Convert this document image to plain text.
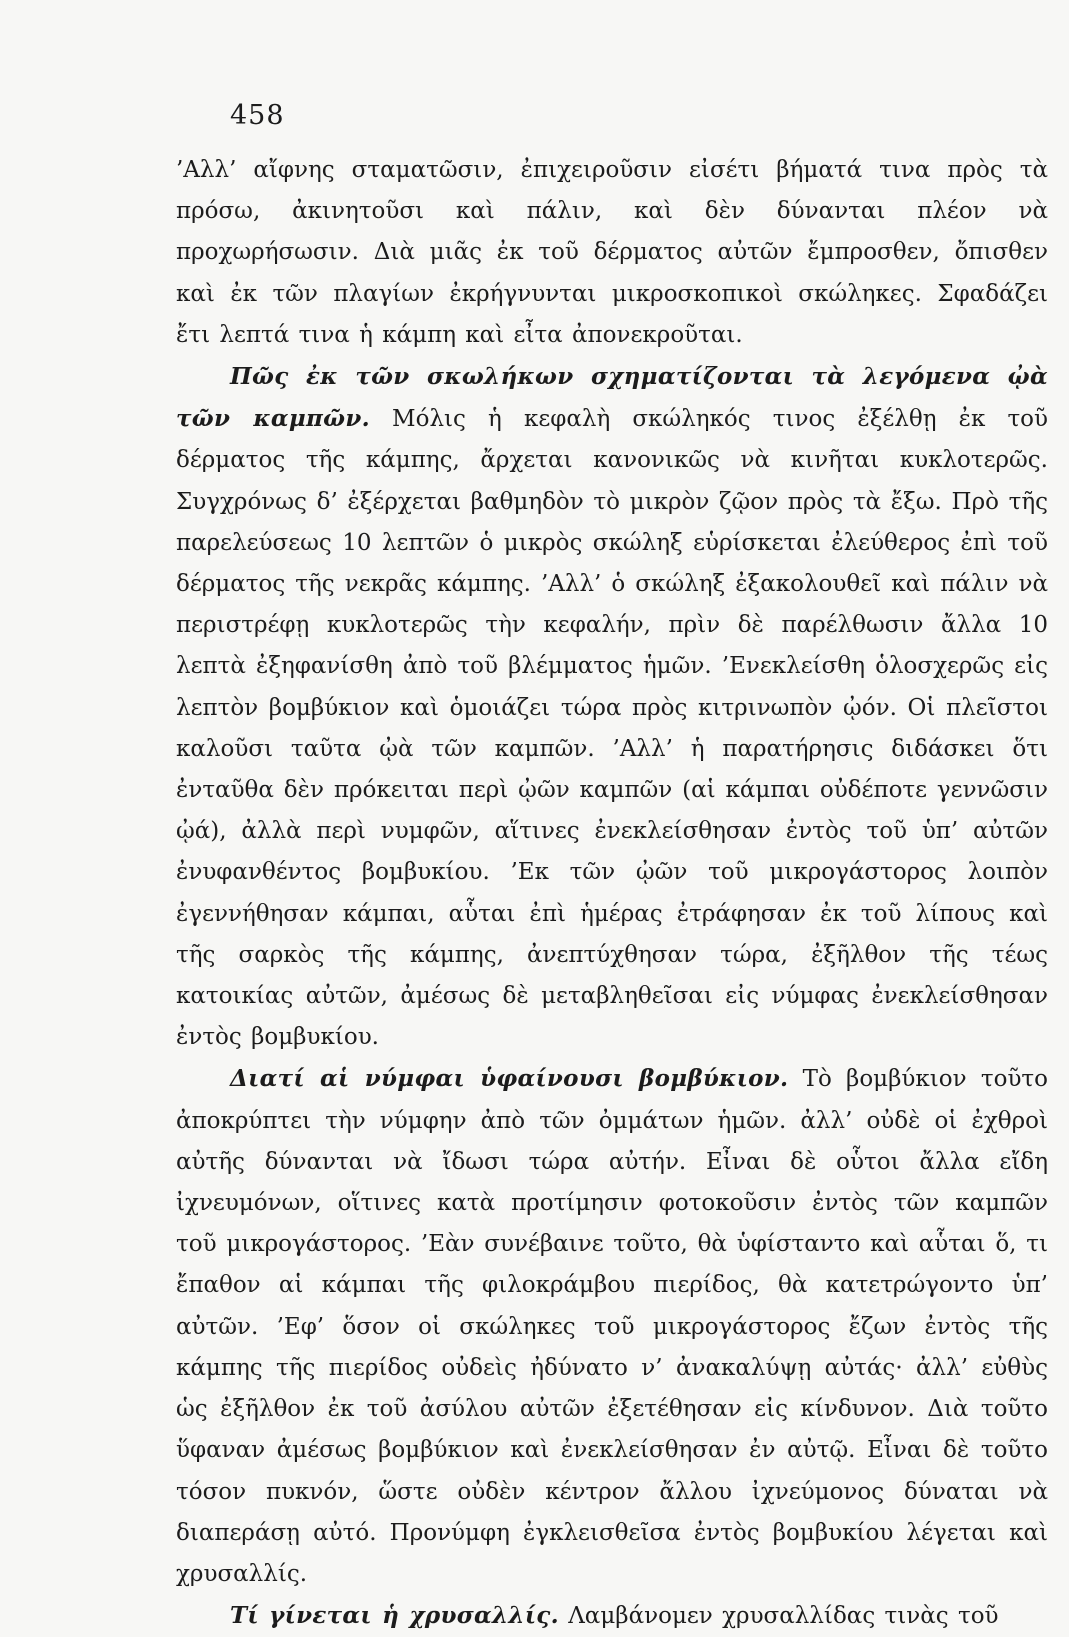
458

’Αλλ’ αἴφνης σταματῶσιν, ἐπιχειροῦσιν εἰσέτι βήματά τινα πρὸς τὰ πρόσω, ἀκινητοῦσι καὶ πάλιν, καὶ δὲν δύνανται πλέον νὰ προχωρήσωσιν. Διὰ μιᾶς ἐκ τοῦ δέρματος αὐτῶν ἔμπροσθεν, ὄπισθεν καὶ ἐκ τῶν πλαγίων ἐκρήγνυνται μικροσκοπικοὶ σκώληκες. Σφαδάζει ἔτι λεπτά τινα ἡ κάμπη καὶ εἶτα ἀπονεκροῦται.

Πῶς ἐκ τῶν σκωλήκων σχηματίζονται τὰ λεγόμενα ᾠὰ τῶν καμπῶν. Μόλις ἡ κεφαλὴ σκώληκός τινος ἐξέλθῃ ἐκ τοῦ δέρματος τῆς κάμπης, ἄρχεται κανονικῶς νὰ κινῆται κυκλοτερῶς. Συγχρόνως δ’ ἐξέρχεται βαθμηδὸν τὸ μικρὸν ζῷον πρὸς τὰ ἔξω. Πρὸ τῆς παρελεύσεως 10 λεπτῶν ὁ μικρὸς σκώληξ εὑρίσκεται ἐλεύθερος ἐπὶ τοῦ δέρματος τῆς νεκρᾶς κάμπης. ’Αλλ’ ὁ σκώληξ ἐξακολουθεῖ καὶ πάλιν νὰ περιστρέφῃ κυκλοτερῶς τὴν κεφαλήν, πρὶν δὲ παρέλθωσιν ἄλλα 10 λεπτὰ ἐξηφανίσθη ἀπὸ τοῦ βλέμματος ἡμῶν. ’Ενεκλείσθη ὁλοσχερῶς εἰς λεπτὸν βομβύκιον καὶ ὁμοιάζει τώρα πρὸς κιτρινωπὸν ᾠόν. Οἱ πλεῖστοι καλοῦσι ταῦτα ᾠὰ τῶν καμπῶν. ’Αλλ’ ἡ παρατήρησις διδάσκει ὅτι ἐνταῦθα δὲν πρόκειται περὶ ᾠῶν καμπῶν (αἱ κάμπαι οὐδέποτε γεννῶσιν ᾠά), ἀλλὰ περὶ νυμφῶν, αἵτινες ἐνεκλείσθησαν ἐντὸς τοῦ ὑπ’ αὐτῶν ἐνυφανθέντος βομβυκίου. ’Εκ τῶν ᾠῶν τοῦ μικρογάστορος λοιπὸν ἐγεννήθησαν κάμπαι, αὗται ἐπὶ ἡμέρας ἐτράφησαν ἐκ τοῦ λίπους καὶ τῆς σαρκὸς τῆς κάμπης, ἀνεπτύχθησαν τώρα, ἐξῆλθον τῆς τέως κατοικίας αὐτῶν, ἀμέσως δὲ μεταβληθεῖσαι εἰς νύμφας ἐνεκλείσθησαν ἐντὸς βομβυκίου.

Διατί αἱ νύμφαι ὑφαίνουσι βομβύκιον. Τὸ βομβύκιον τοῦτο ἀποκρύπτει τὴν νύμφην ἀπὸ τῶν ὀμμάτων ἡμῶν. ἀλλ’ οὐδὲ οἱ ἐχθροὶ αὐτῆς δύνανται νὰ ἴδωσι τώρα αὐτήν. Εἶναι δὲ οὗτοι ἄλλα εἴδη ἰχνευμόνων, οἵτινες κατὰ προτίμησιν φοτοκοῦσιν ἐντὸς τῶν καμπῶν τοῦ μικρογάστορος. ’Εὰν συνέβαινε τοῦτο, θὰ ὑφίσταντο καὶ αὗται ὅ, τι ἔπαθον αἱ κάμπαι τῆς φιλοκράμβου πιερίδος, θὰ κατετρώγοντο ὑπ’ αὐτῶν. ’Εφ’ ὅσον οἱ σκώληκες τοῦ μικρογάστορος ἔζων ἐντὸς τῆς κάμπης τῆς πιερίδος οὐδεὶς ἠδύνατο ν’ ἀνακαλύψῃ αὐτάς· ἀλλ’ εὐθὺς ὡς ἐξῆλθον ἐκ τοῦ ἀσύλου αὐτῶν ἐξετέθησαν εἰς κίνδυνον. Διὰ τοῦτο ὕφαναν ἀμέσως βομβύκιον καὶ ἐνεκλείσθησαν ἐν αὐτῷ. Εἶναι δὲ τοῦτο τόσον πυκνόν, ὥστε οὐδὲν κέντρον ἄλλου ἰχνεύμονος δύναται νὰ διαπεράσῃ αὐτό. Προνύμφη ἐγκλεισθεῖσα ἐντὸς βομβυκίου λέγεται καὶ χρυσαλλίς.

Τί γίνεται ἡ χρυσαλλίς. Λαμβάνομεν χρυσαλλίδας τινὰς τοῦ
